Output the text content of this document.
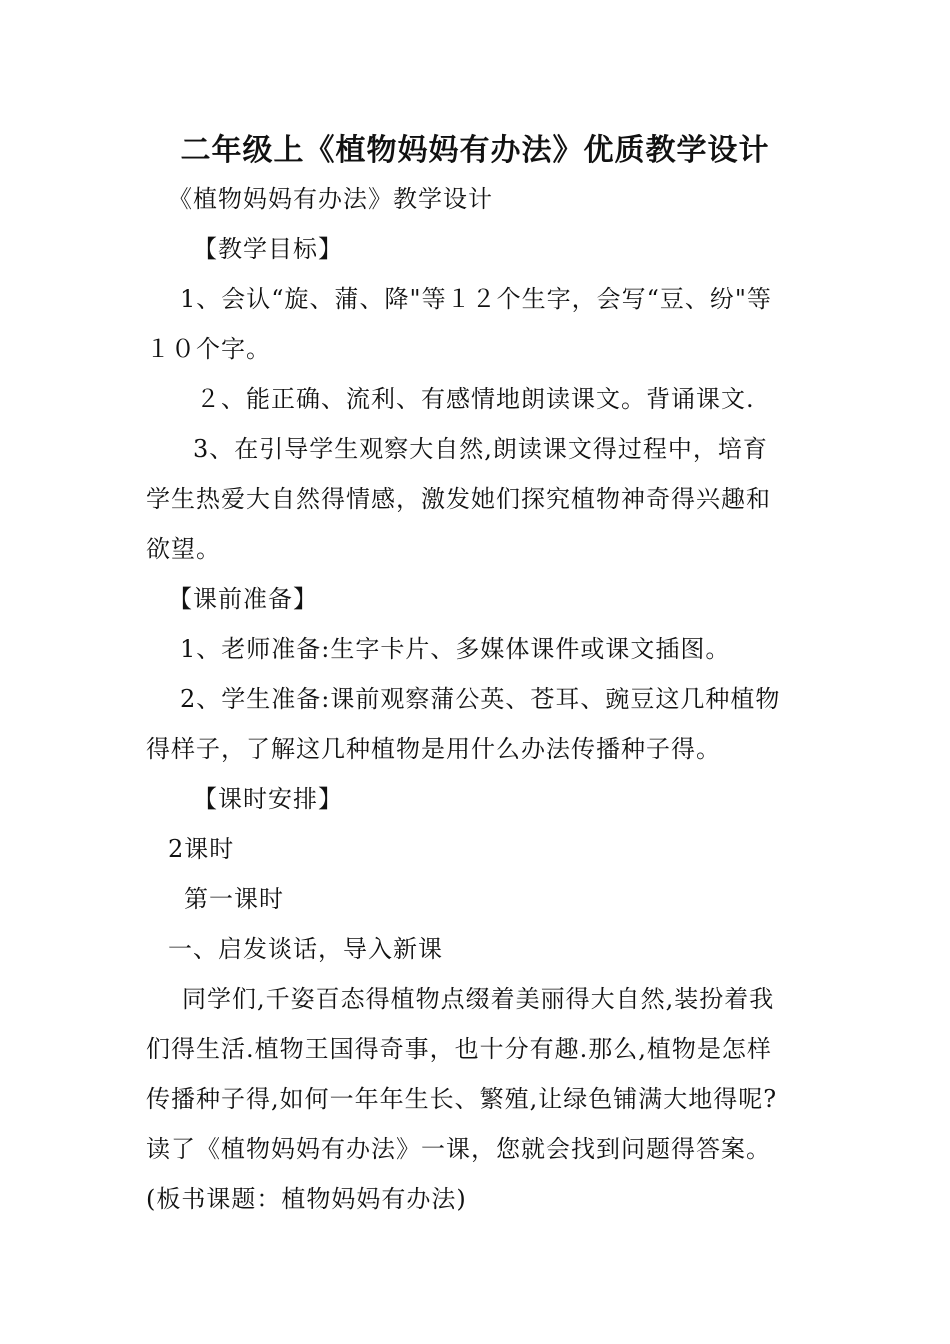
二年级上《植物妈妈有办法》优质教学设计
《植物妈妈有办法》教学设计
【教学目标】
1、会认“旋、蒲、降"等１２个生字，会写“豆、纷"等
１０个字。
２、能正确、流利、有感情地朗读课文。背诵课文.
3、在引导学生观察大自然,朗读课文得过程中，培育
学生热爱大自然得情感，激发她们探究植物神奇得兴趣和
欲望。
【课前准备】
1、老师准备:生字卡片、多媒体课件或课文插图。
2、学生准备:课前观察蒲公英、苍耳、豌豆这几种植物
得样子，了解这几种植物是用什么办法传播种子得。
【课时安排】
2课时
第一课时
一、启发谈话，导入新课
同学们,千姿百态得植物点缀着美丽得大自然,装扮着我
们得生活.植物王国得奇事，也十分有趣.那么,植物是怎样
传播种子得,如何一年年生长、繁殖,让绿色铺满大地得呢?
读了《植物妈妈有办法》一课，您就会找到问题得答案。
(板书课题：植物妈妈有办法)
